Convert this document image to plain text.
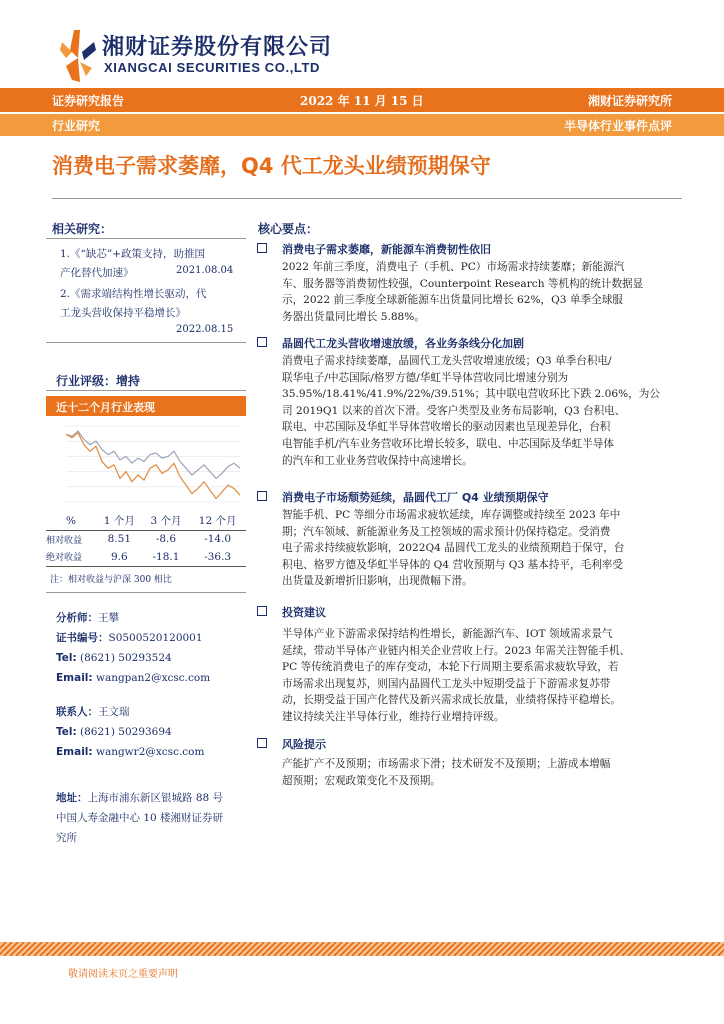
湘财证券股份有限公司
XIANGCAI SECURITIES CO.,LTD
证券研究报告	2022 年 11 月 15 日	湘财证券研究所
行业研究	半导体行业事件点评
消费电子需求萎靡，Q4 代工龙头业绩预期保守
相关研究：
1.《“缺芯”+政策支持，助推国
产化替代加速》	2021.08.04
2.《需求端结构性增长驱动，代
工龙头营收保持平稳增长》
2022.08.15
行业评级：增持
近十二个月行业表现
%	1 个月	3 个月	12 个月
相对收益	8.51	-8.6	-14.0
绝对收益	9.6	-18.1	-36.3
注：相对收益与沪深 300 相比
分析师：王攀
证书编号：S0500520120001
Tel: (8621) 50293524
Email: wangpan2@xcsc.com
联系人：王文瑞
Tel: (8621) 50293694
Email: wangwr2@xcsc.com
地址：上海市浦东新区银城路 88 号
中国人寿金融中心 10 楼湘财证券研
究所
核心要点：
消费电子需求萎靡，新能源车消费韧性依旧
2022 年前三季度，消费电子（手机、PC）市场需求持续萎靡；新能源汽
车、服务器等消费韧性较强，Counterpoint Research 等机构的统计数据显
示，2022 前三季度全球新能源车出货量同比增长 62%，Q3 单季全球服
务器出货量同比增长 5.88%。
晶圆代工龙头营收增速放缓，各业务条线分化加剧
消费电子需求持续萎靡，晶圆代工龙头营收增速放缓；Q3 单季台积电/
联华电子/中芯国际/格罗方德/华虹半导体营收同比增速分别为
35.95%/18.41%/41.9%/22%/39.51%；其中联电营收环比下跌 2.06%，为公
司 2019Q1 以来的首次下滑。受客户类型及业务布局影响，Q3 台积电、
联电、中芯国际及华虹半导体营收增长的驱动因素也呈现差异化，台积
电智能手机/汽车业务营收环比增长较多，联电、中芯国际及华虹半导体
的汽车和工业业务营收保持中高速增长。
消费电子市场颓势延续，晶圆代工厂 Q4 业绩预期保守
智能手机、PC 等细分市场需求疲软延续，库存调整或持续至 2023 年中
期；汽车领域、新能源业务及工控领域的需求预计仍保持稳定。受消费
电子需求持续疲软影响，2022Q4 晶圆代工龙头的业绩预期趋于保守，台
积电、格罗方德及华虹半导体的 Q4 营收预期与 Q3 基本持平，毛利率受
出货量及新增折旧影响，出现微幅下滑。
投资建议
半导体产业下游需求保持结构性增长，新能源汽车、IOT 领域需求景气
延续，带动半导体产业链内相关企业营收上行。2023 年需关注智能手机、
PC 等传统消费电子的库存变动，本轮下行周期主要系需求疲软导致，若
市场需求出现复苏，则国内晶圆代工龙头中短期受益于下游需求复苏带
动，长期受益于国产化替代及新兴需求成长放量，业绩将保持平稳增长。
建议持续关注半导体行业，维持行业增持评级。
风险提示
产能扩产不及预期；市场需求下滑；技术研发不及预期；上游成本增幅
超预期；宏观政策变化不及预期。
敬请阅读末页之重要声明
